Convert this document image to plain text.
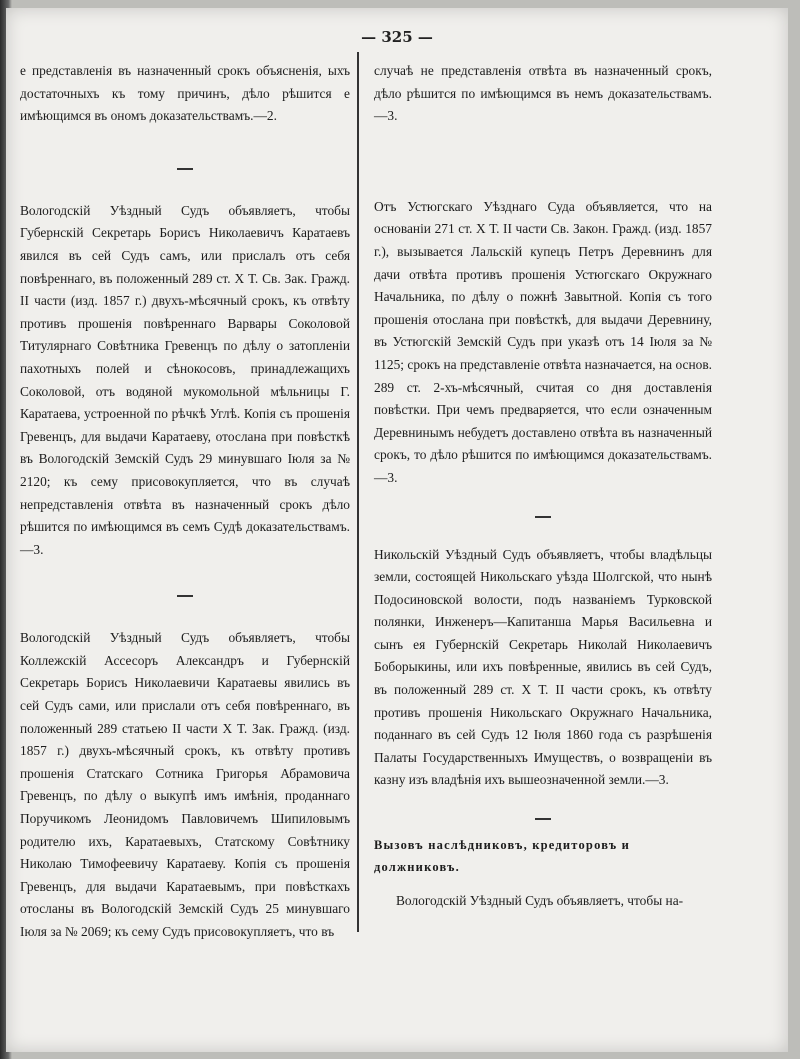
— 325 —

е представленія въ назначенный срокъ объясненія, ыхъ достаточныхъ къ тому причинъ, дѣло рѣшится е имѣющимся въ ономъ доказательствамъ.—2.

Вологодскій Уѣздный Судъ объявляетъ, чтобы Губернскій Секретарь Борисъ Николаевичъ Каратаевъ явился въ сей Судъ самъ, или прислалъ отъ себя повѣреннаго, въ положенный 289 ст. Х Т. Св. Зак. Гражд. II части (изд. 1857 г.) двухъ-мѣсячный срокъ, къ отвѣту противъ прошенія повѣреннаго Варвары Соколовой Титулярнаго Совѣтника Гревенцъ по дѣлу о затопленіи пахотныхъ полей и сѣнокосовъ, принадлежащихъ Соколовой, отъ водяной мукомольной мѣльницы Г. Каратаева, устроенной по рѣчкѣ Углѣ. Копія съ прошенія Гревенцъ, для выдачи Каратаеву, отослана при повѣсткѣ въ Вологодскій Земскій Судъ 29 минувшаго Іюля за № 2120; къ сему присовокупляется, что въ случаѣ непредставленія отвѣта въ назначенный срокъ дѣло рѣшится по имѣющимся въ семъ Судѣ доказательствамъ.—3.

Вологодскій Уѣздный Судъ объявляетъ, чтобы Коллежскій Ассесоръ Александръ и Губернскій Секретарь Борисъ Николаевичи Каратаевы явились въ сей Судъ сами, или прислали отъ себя повѣреннаго, въ положенный 289 статьею II части Х Т. Зак. Гражд. (изд. 1857 г.) двухъ-мѣсячный срокъ, къ отвѣту противъ прошенія Статскаго Сотника Григорья Абрамовича Гревенцъ, по дѣлу о выкупѣ имъ имѣнія, проданнаго Поручикомъ Леонидомъ Павловичемъ Шипиловымъ родителю ихъ, Каратаевыхъ, Статскому Совѣтнику Николаю Тимофеевичу Каратаеву. Копія съ прошенія Гревенцъ, для выдачи Каратаевымъ, при повѣсткахъ отосланы въ Вологодскій Земскій Судъ 25 минувшаго Іюля за № 2069; къ сему Судъ присовокупляетъ, что въ

случаѣ не представленія отвѣта въ назначенный срокъ, дѣло рѣшится по имѣющимся въ немъ доказательствамъ.—3.

Отъ Устюгскаго Уѣзднаго Суда объявляется, что на основаніи 271 ст. Х Т. II части Св. Закон. Гражд. (изд. 1857 г.), вызывается Лальскій купецъ Петръ Деревнинъ для дачи отвѣта противъ прошенія Устюгскаго Окружнаго Начальника, по дѣлу о пожнѣ Завытной. Копія съ того прошенія отослана при повѣсткѣ, для выдачи Деревнину, въ Устюгскій Земскій Судъ при указѣ отъ 14 Іюля за № 1125; срокъ на представленіе отвѣта назначается, на основ. 289 ст. 2-хъ-мѣсячный, считая со дня доставленія повѣстки. При чемъ предваряется, что если означенным Деревнинымъ небудетъ доставлено отвѣта въ назначенный срокъ, то дѣло рѣшится по имѣющимся доказательствамъ.—3.

Никольскій Уѣздный Судъ объявляетъ, чтобы владѣльцы земли, состоящей Никольскаго уѣзда Шолгской, что нынѣ Подосиновской волости, подъ названіемъ Турковской полянки, Инженеръ—Капитанша Марья Васильевна и сынъ ея Губернскій Секретарь Николай Николаевичъ Боборыкины, или ихъ повѣренные, явились въ сей Судъ, въ положенный 289 ст. Х Т. II части срокъ, къ отвѣту противъ прошенія Никольскаго Окружнаго Начальника, поданнаго въ сей Судъ 12 Іюля 1860 года съ разрѣшенія Палаты Государственныхъ Имуществъ, о возвращеніи въ казну изъ владѣнія ихъ вышеозначенной земли.—3.

Вызовъ наслѣдниковъ, кредиторовъ и должниковъ.

Вологодскій Уѣздный Судъ объявляетъ, чтобы на-
